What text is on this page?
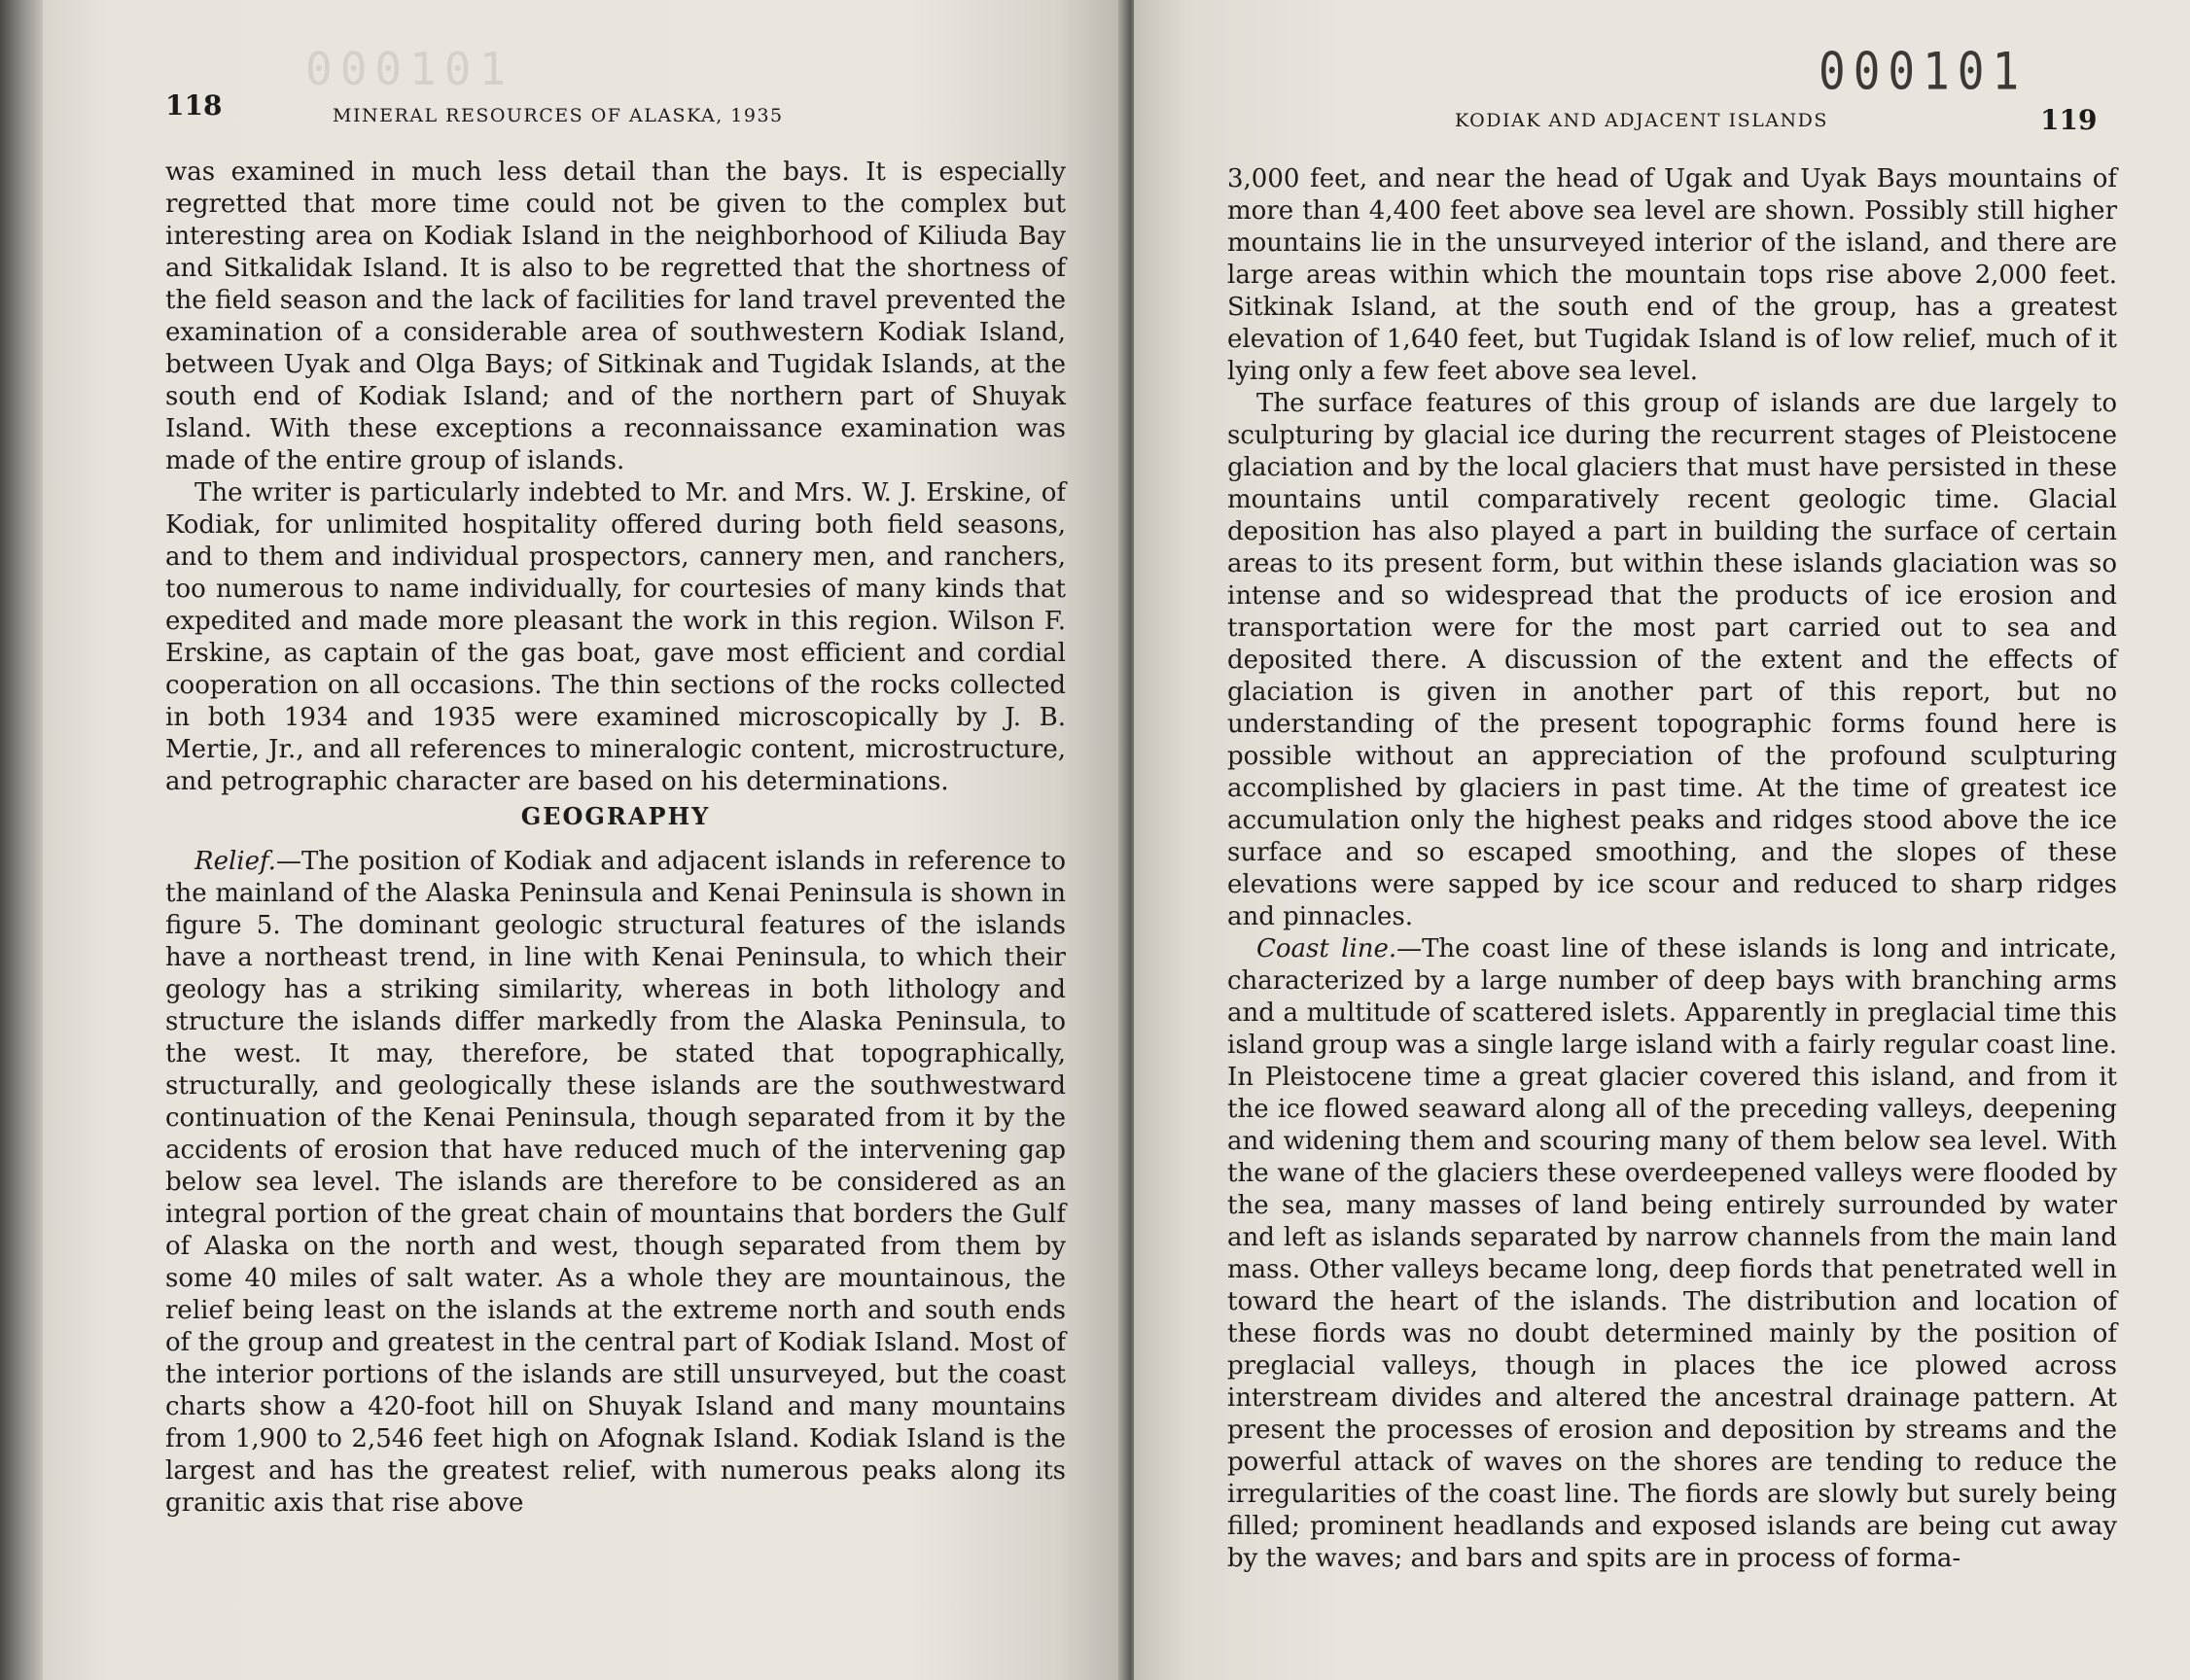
000101
118	MINERAL RESOURCES OF ALASKA, 1935

was examined in much less detail than the bays. It is especially regretted that more time could not be given to the complex but interesting area on Kodiak Island in the neighborhood of Kiliuda Bay and Sitkalidak Island. It is also to be regretted that the shortness of the field season and the lack of facilities for land travel prevented the examination of a considerable area of southwestern Kodiak Island, between Uyak and Olga Bays; of Sitkinak and Tugidak Islands, at the south end of Kodiak Island; and of the northern part of Shuyak Island. With these exceptions a reconnaissance examination was made of the entire group of islands.

The writer is particularly indebted to Mr. and Mrs. W. J. Erskine, of Kodiak, for unlimited hospitality offered during both field seasons, and to them and individual prospectors, cannery men, and ranchers, too numerous to name individually, for courtesies of many kinds that expedited and made more pleasant the work in this region. Wilson F. Erskine, as captain of the gas boat, gave most efficient and cordial cooperation on all occasions. The thin sections of the rocks collected in both 1934 and 1935 were examined microscopically by J. B. Mertie, Jr., and all references to mineralogic content, microstructure, and petrographic character are based on his determinations.

GEOGRAPHY

Relief.—The position of Kodiak and adjacent islands in reference to the mainland of the Alaska Peninsula and Kenai Peninsula is shown in figure 5. The dominant geologic structural features of the islands have a northeast trend, in line with Kenai Peninsula, to which their geology has a striking similarity, whereas in both lithology and structure the islands differ markedly from the Alaska Peninsula, to the west. It may, therefore, be stated that topographically, structurally, and geologically these islands are the southwestward continuation of the Kenai Peninsula, though separated from it by the accidents of erosion that have reduced much of the intervening gap below sea level. The islands are therefore to be considered as an integral portion of the great chain of mountains that borders the Gulf of Alaska on the north and west, though separated from them by some 40 miles of salt water. As a whole they are mountainous, the relief being least on the islands at the extreme north and south ends of the group and greatest in the central part of Kodiak Island. Most of the interior portions of the islands are still unsurveyed, but the coast charts show a 420-foot hill on Shuyak Island and many mountains from 1,900 to 2,546 feet high on Afognak Island. Kodiak Island is the largest and has the greatest relief, with numerous peaks along its granitic axis that rise above

000101
KODIAK AND ADJACENT ISLANDS	119

3,000 feet, and near the head of Ugak and Uyak Bays mountains of more than 4,400 feet above sea level are shown. Possibly still higher mountains lie in the unsurveyed interior of the island, and there are large areas within which the mountain tops rise above 2,000 feet. Sitkinak Island, at the south end of the group, has a greatest elevation of 1,640 feet, but Tugidak Island is of low relief, much of it lying only a few feet above sea level.

The surface features of this group of islands are due largely to sculpturing by glacial ice during the recurrent stages of Pleistocene glaciation and by the local glaciers that must have persisted in these mountains until comparatively recent geologic time. Glacial deposition has also played a part in building the surface of certain areas to its present form, but within these islands glaciation was so intense and so widespread that the products of ice erosion and transportation were for the most part carried out to sea and deposited there. A discussion of the extent and the effects of glaciation is given in another part of this report, but no understanding of the present topographic forms found here is possible without an appreciation of the profound sculpturing accomplished by glaciers in past time. At the time of greatest ice accumulation only the highest peaks and ridges stood above the ice surface and so escaped smoothing, and the slopes of these elevations were sapped by ice scour and reduced to sharp ridges and pinnacles.

Coast line.—The coast line of these islands is long and intricate, characterized by a large number of deep bays with branching arms and a multitude of scattered islets. Apparently in preglacial time this island group was a single large island with a fairly regular coast line. In Pleistocene time a great glacier covered this island, and from it the ice flowed seaward along all of the preceding valleys, deepening and widening them and scouring many of them below sea level. With the wane of the glaciers these overdeepened valleys were flooded by the sea, many masses of land being entirely surrounded by water and left as islands separated by narrow channels from the main land mass. Other valleys became long, deep fiords that penetrated well in toward the heart of the islands. The distribution and location of these fiords was no doubt determined mainly by the position of preglacial valleys, though in places the ice plowed across interstream divides and altered the ancestral drainage pattern. At present the processes of erosion and deposition by streams and the powerful attack of waves on the shores are tending to reduce the irregularities of the coast line. The fiords are slowly but surely being filled; prominent headlands and exposed islands are being cut away by the waves; and bars and spits are in process of forma-
